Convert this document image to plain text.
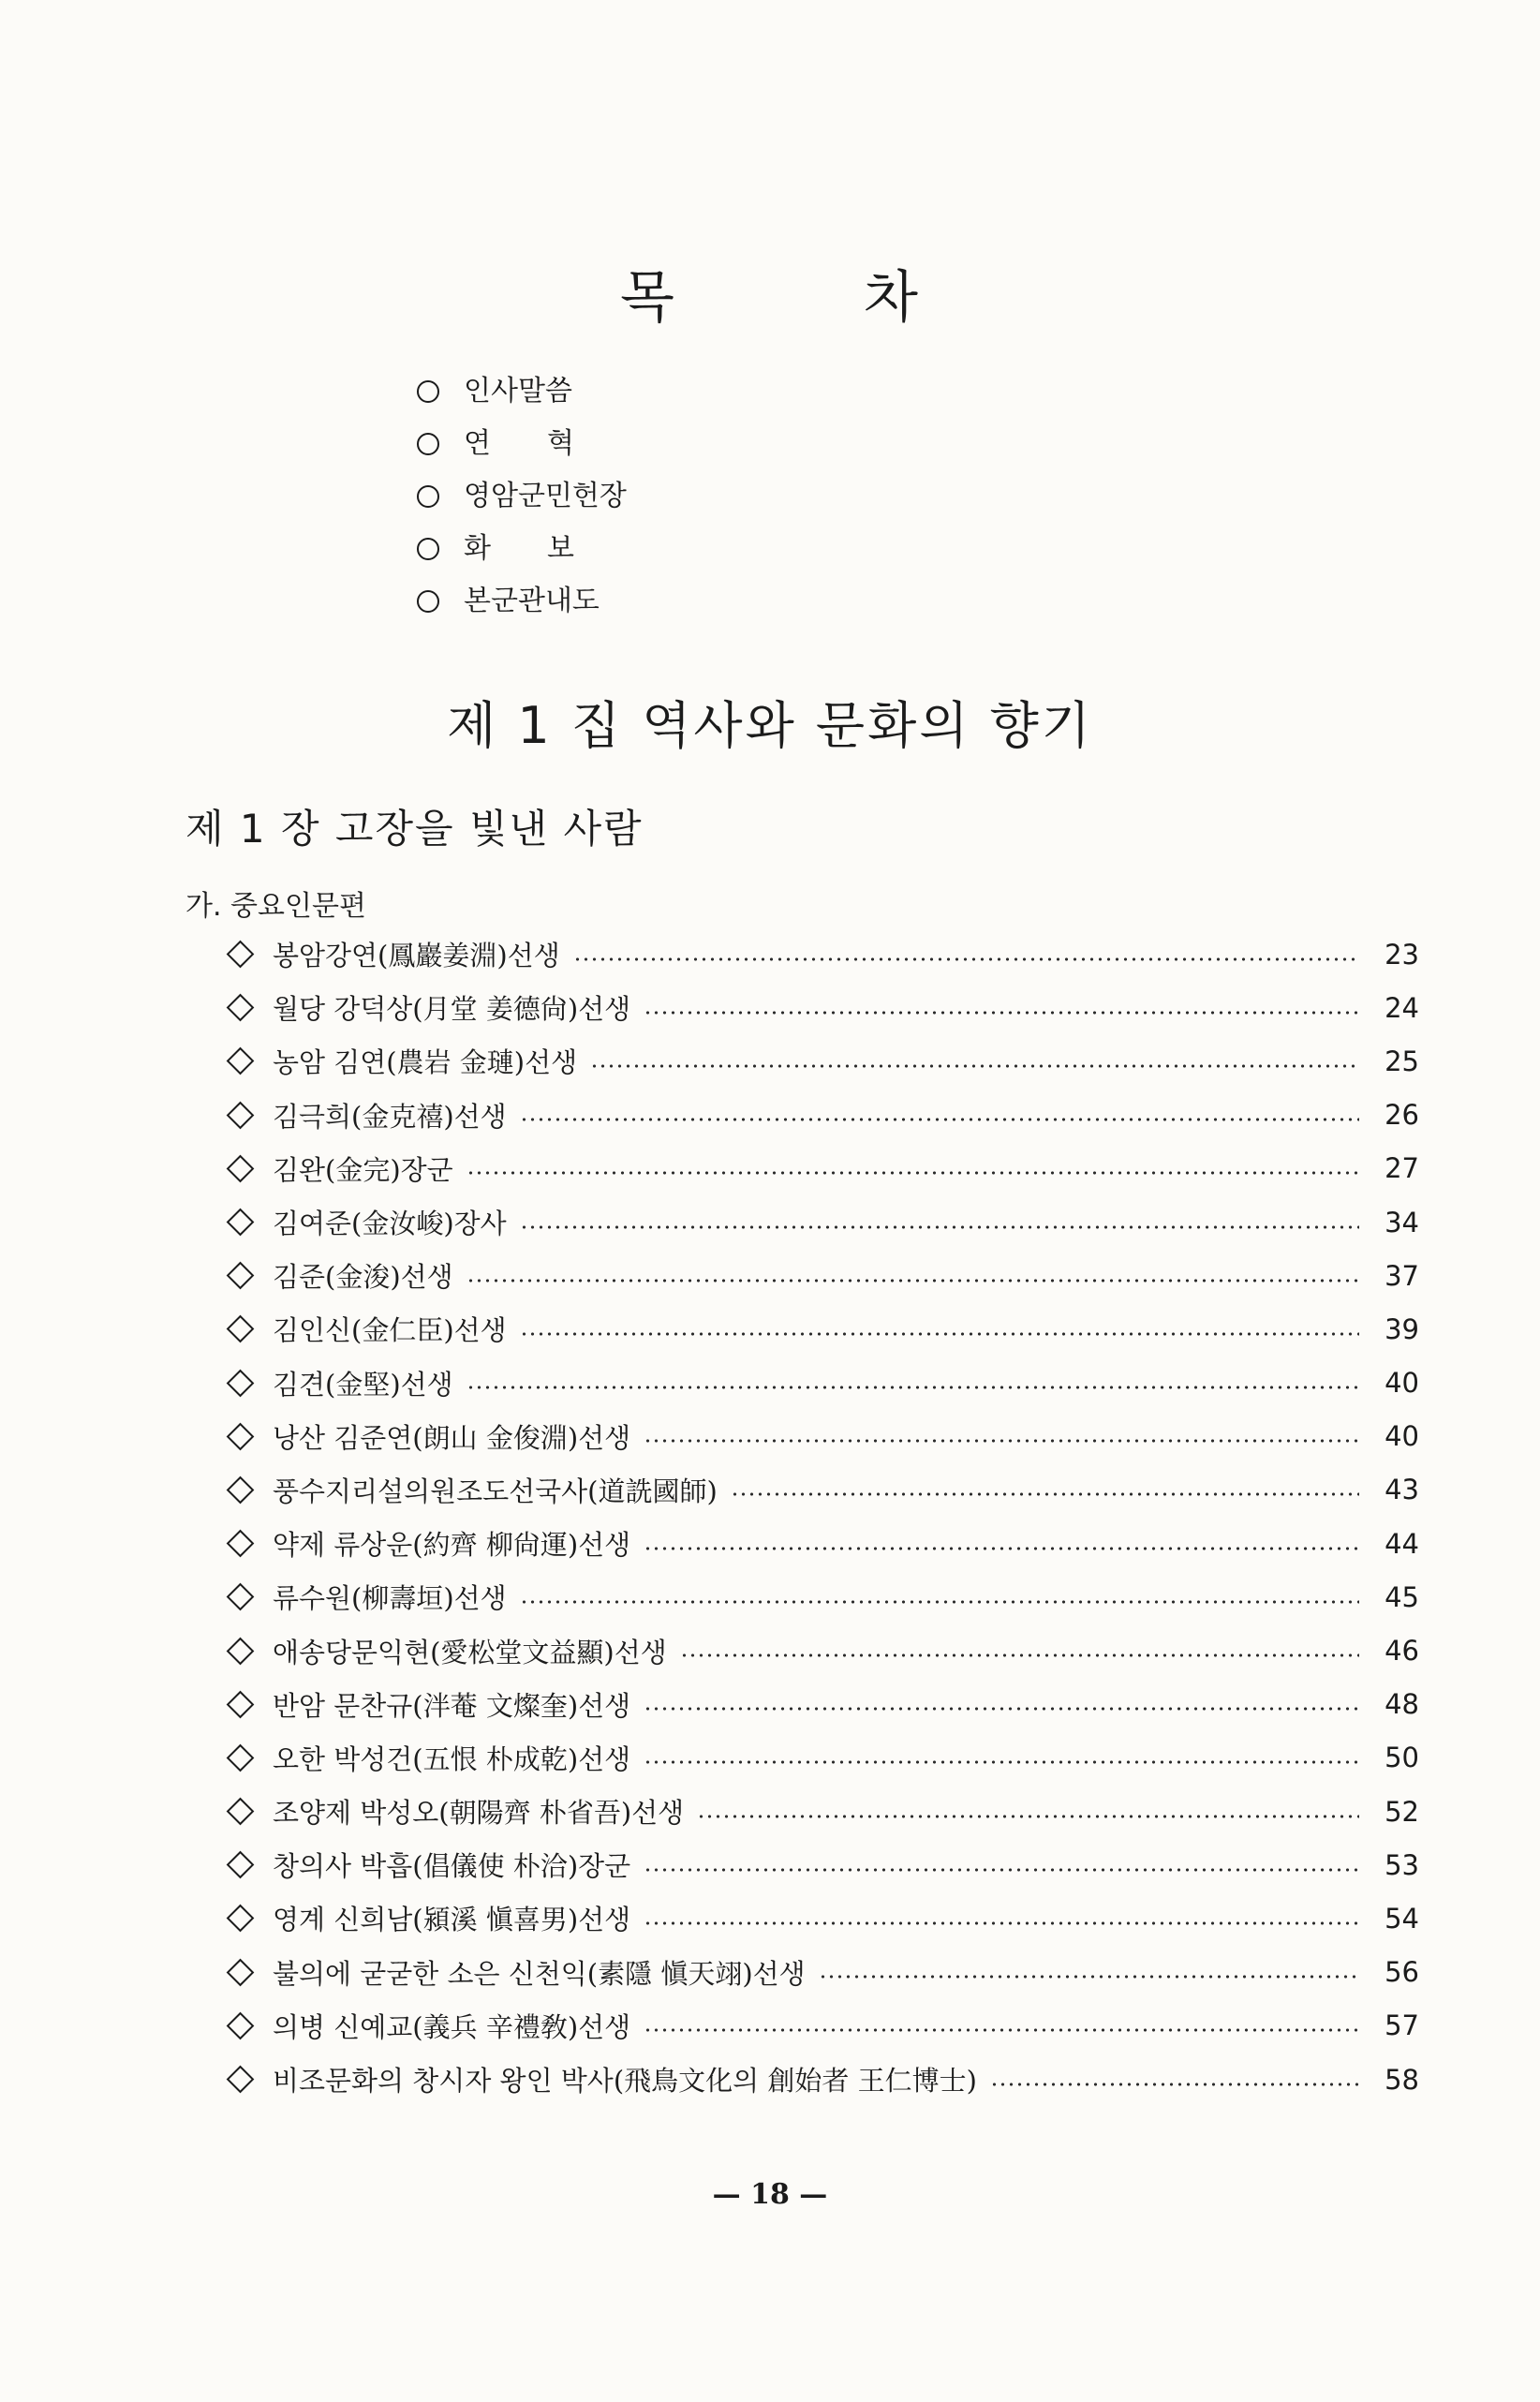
목	차
인사말씀
연　　혁
영암군민헌장
화　　보
본군관내도
제 1 집 역사와 문화의 향기
제 1 장 고장을 빛낸 사람
가. 중요인문편
봉암강연(鳳巖姜淵)선생	23
월당 강덕상(月堂 姜德尙)선생	24
농암 김연(農岩 金璉)선생	25
김극희(金克禧)선생	26
김완(金完)장군	27
김여준(金汝峻)장사	34
김준(金浚)선생	37
김인신(金仁臣)선생	39
김견(金堅)선생	40
낭산 김준연(朗山 金俊淵)선생	40
풍수지리설의원조도선국사(道詵國師)	43
약제 류상운(約齊 柳尙運)선생	44
류수원(柳壽垣)선생	45
애송당문익현(愛松堂文益顯)선생	46
반암 문찬규(泮菴 文燦奎)선생	48
오한 박성건(五恨 朴成乾)선생	50
조양제 박성오(朝陽齊 朴省吾)선생	52
창의사 박흡(倡儀使 朴洽)장군	53
영계 신희남(潁溪 愼喜男)선생	54
불의에 굳굳한 소은 신천익(素隱 愼天翊)선생	56
의병 신예교(義兵 辛禮敎)선생	57
비조문화의 창시자 왕인 박사(飛鳥文化의 創始者 王仁博士)	58
— 18 —
